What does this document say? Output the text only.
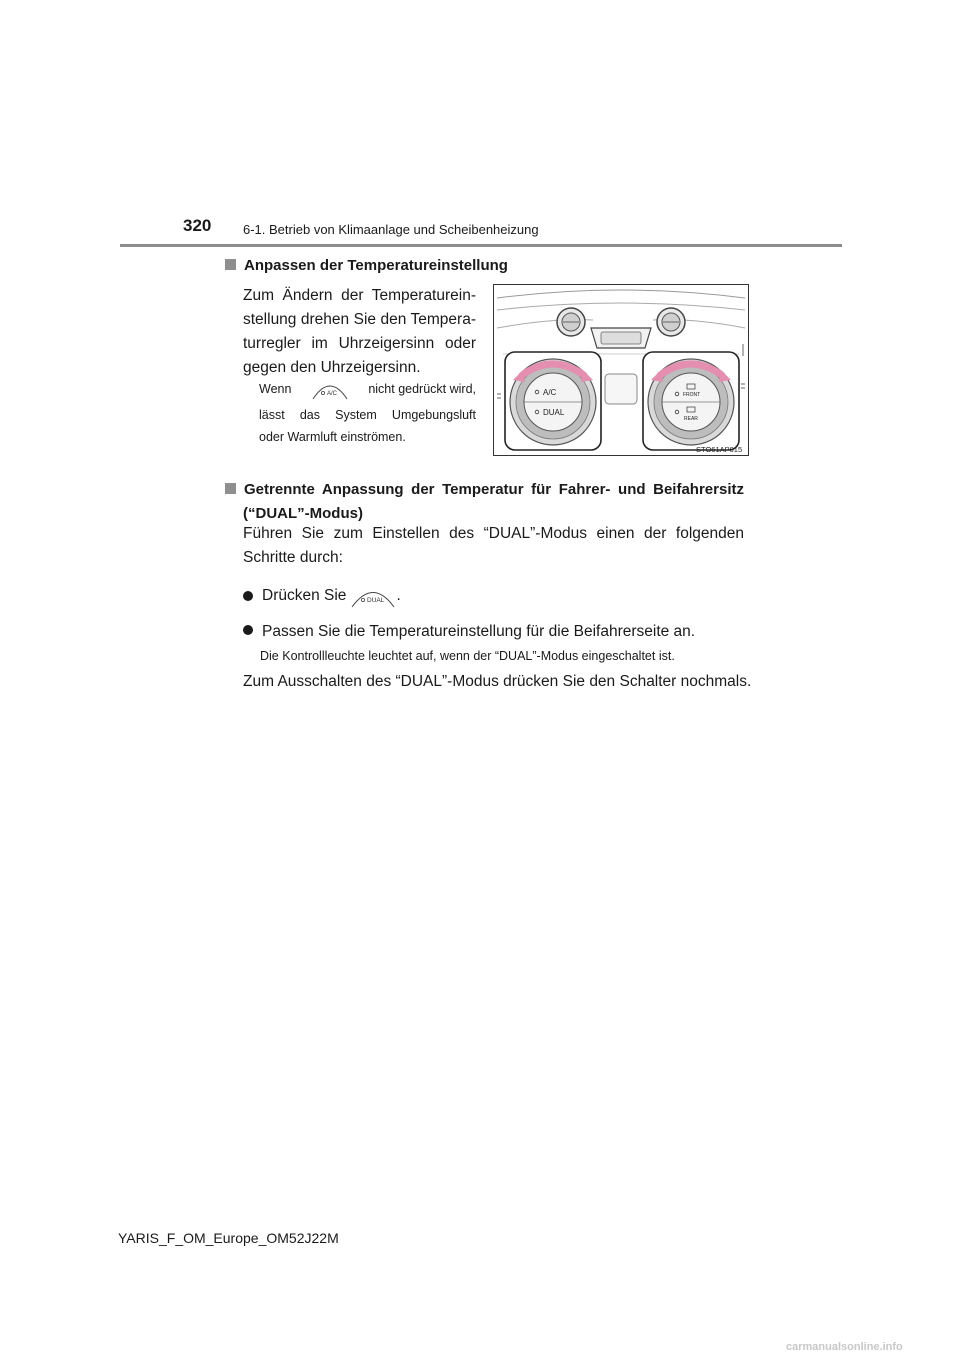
320 6-1. Betrieb von Klimaanlage und Scheibenheizung
Anpassen der Temperatureinstellung
Zum Ändern der Temperaturein-
stellung drehen Sie den Tempera-
turregler im Uhrzeigersinn oder
gegen den Uhrzeigersinn.
Wenn	A/C	nicht gedrückt wird,
lässt das System Umgebungsluft
oder Warmluft einströmen.
A/C
DUAL
FRONT
REAR
STO61AP015
Getrennte Anpassung der Temperatur für Fahrer- und Beifahrersitz
(“DUAL”-Modus)
Führen Sie zum Einstellen des “DUAL”-Modus einen der folgenden
Schritte durch:
Drücken Sie	DUAL .
Passen Sie die Temperatureinstellung für die Beifahrerseite an.
Die Kontrollleuchte leuchtet auf, wenn der “DUAL”-Modus eingeschaltet ist.
Zum Ausschalten des “DUAL”-Modus drücken Sie den Schalter nochmals.
YARIS_F_OM_Europe_OM52J22M
carmanualsonline.info
